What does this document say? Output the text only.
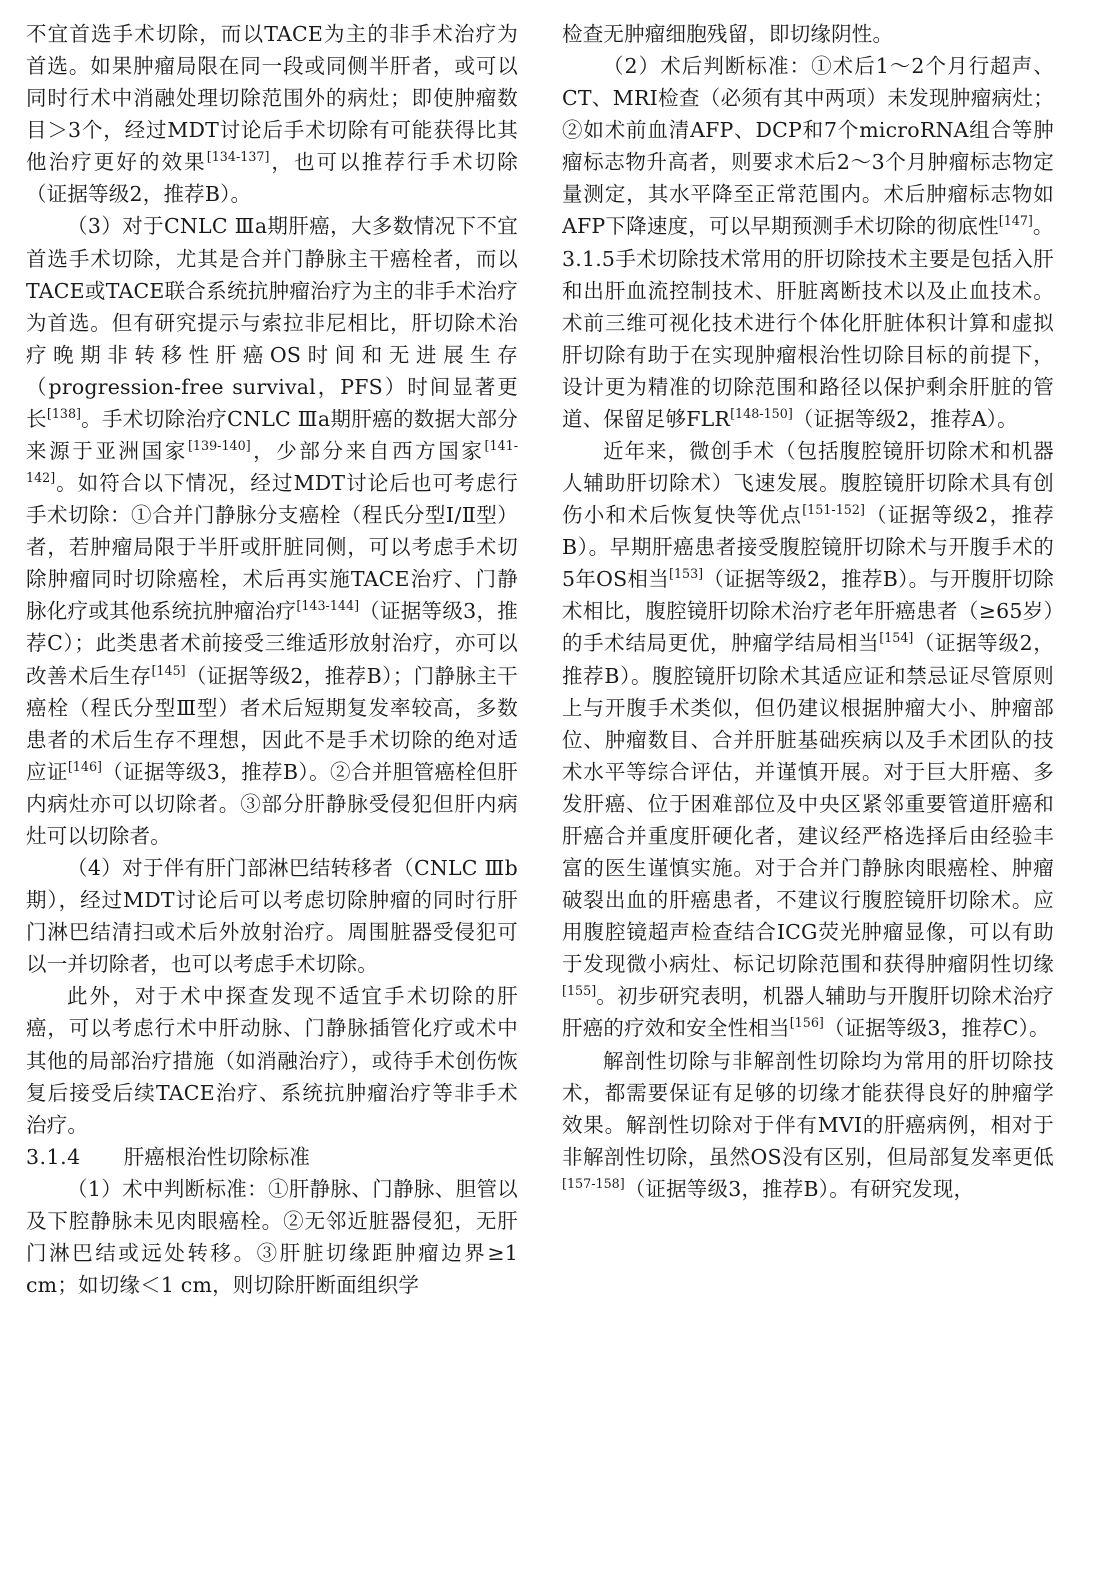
不宜首选手术切除，而以TACE为主的非手术治疗为首选。如果肿瘤局限在同一段或同侧半肝者，或可以同时行术中消融处理切除范围外的病灶；即使肿瘤数目＞3个，经过MDT讨论后手术切除有可能获得比其他治疗更好的效果[134-137]，也可以推荐行手术切除（证据等级2，推荐B）。

（3）对于CNLC Ⅲa期肝癌，大多数情况下不宜首选手术切除，尤其是合并门静脉主干癌栓者，而以TACE或TACE联合系统抗肿瘤治疗为主的非手术治疗为首选。但有研究提示与索拉非尼相比，肝切除术治疗晚期非转移性肝癌OS时间和无进展生存（progression-free survival，PFS）时间显著更长[138]。手术切除治疗CNLC Ⅲa期肝癌的数据大部分来源于亚洲国家[139-140]，少部分来自西方国家[141-142]。如符合以下情况，经过MDT讨论后也可考虑行手术切除：①合并门静脉分支癌栓（程氏分型Ⅰ/Ⅱ型）者，若肿瘤局限于半肝或肝脏同侧，可以考虑手术切除肿瘤同时切除癌栓，术后再实施TACE治疗、门静脉化疗或其他系统抗肿瘤治疗[143-144]（证据等级3，推荐C）；此类患者术前接受三维适形放射治疗，亦可以改善术后生存[145]（证据等级2，推荐B）；门静脉主干癌栓（程氏分型Ⅲ型）者术后短期复发率较高，多数患者的术后生存不理想，因此不是手术切除的绝对适应证[146]（证据等级3，推荐B）。②合并胆管癌栓但肝内病灶亦可以切除者。③部分肝静脉受侵犯但肝内病灶可以切除者。

（4）对于伴有肝门部淋巴结转移者（CNLC Ⅲb期），经过MDT讨论后可以考虑切除肿瘤的同时行肝门淋巴结清扫或术后外放射治疗。周围脏器受侵犯可以一并切除者，也可以考虑手术切除。

此外，对于术中探查发现不适宜手术切除的肝癌，可以考虑行术中肝动脉、门静脉插管化疗或术中其他的局部治疗措施（如消融治疗），或待手术创伤恢复后接受后续TACE治疗、系统抗肿瘤治疗等非手术治疗。

3.1.4 肝癌根治性切除标准

（1）术中判断标准：①肝静脉、门静脉、胆管以及下腔静脉未见肉眼癌栓。②无邻近脏器侵犯，无肝门淋巴结或远处转移。③肝脏切缘距肿瘤边界≥1 cm；如切缘＜1 cm，则切除肝断面组织学

检查无肿瘤细胞残留，即切缘阴性。

（2）术后判断标准：①术后1～2个月行超声、CT、MRI检查（必须有其中两项）未发现肿瘤病灶；②如术前血清AFP、DCP和7个microRNA组合等肿瘤标志物升高者，则要求术后2～3个月肿瘤标志物定量测定，其水平降至正常范围内。术后肿瘤标志物如AFP下降速度，可以早期预测手术切除的彻底性[147]。

3.1.5手术切除技术常用的肝切除技术主要是包括入肝和出肝血流控制技术、肝脏离断技术以及止血技术。术前三维可视化技术进行个体化肝脏体积计算和虚拟肝切除有助于在实现肿瘤根治性切除目标的前提下，设计更为精准的切除范围和路径以保护剩余肝脏的管道、保留足够FLR[148-150]（证据等级2，推荐A）。

近年来，微创手术（包括腹腔镜肝切除术和机器人辅助肝切除术）飞速发展。腹腔镜肝切除术具有创伤小和术后恢复快等优点[151-152]（证据等级2，推荐B）。早期肝癌患者接受腹腔镜肝切除术与开腹手术的5年OS相当[153]（证据等级2，推荐B）。与开腹肝切除术相比，腹腔镜肝切除术治疗老年肝癌患者（≥65岁）的手术结局更优，肿瘤学结局相当[154]（证据等级2，推荐B）。腹腔镜肝切除术其适应证和禁忌证尽管原则上与开腹手术类似，但仍建议根据肿瘤大小、肿瘤部位、肿瘤数目、合并肝脏基础疾病以及手术团队的技术水平等综合评估，并谨慎开展。对于巨大肝癌、多发肝癌、位于困难部位及中央区紧邻重要管道肝癌和肝癌合并重度肝硬化者，建议经严格选择后由经验丰富的医生谨慎实施。对于合并门静脉肉眼癌栓、肿瘤破裂出血的肝癌患者，不建议行腹腔镜肝切除术。应用腹腔镜超声检查结合ICG荧光肿瘤显像，可以有助于发现微小病灶、标记切除范围和获得肿瘤阴性切缘[155]。初步研究表明，机器人辅助与开腹肝切除术治疗肝癌的疗效和安全性相当[156]（证据等级3，推荐C）。

解剖性切除与非解剖性切除均为常用的肝切除技术，都需要保证有足够的切缘才能获得良好的肿瘤学效果。解剖性切除对于伴有MVI的肝癌病例，相对于非解剖性切除，虽然OS没有区别，但局部复发率更低[157-158]（证据等级3，推荐B）。有研究发现，
